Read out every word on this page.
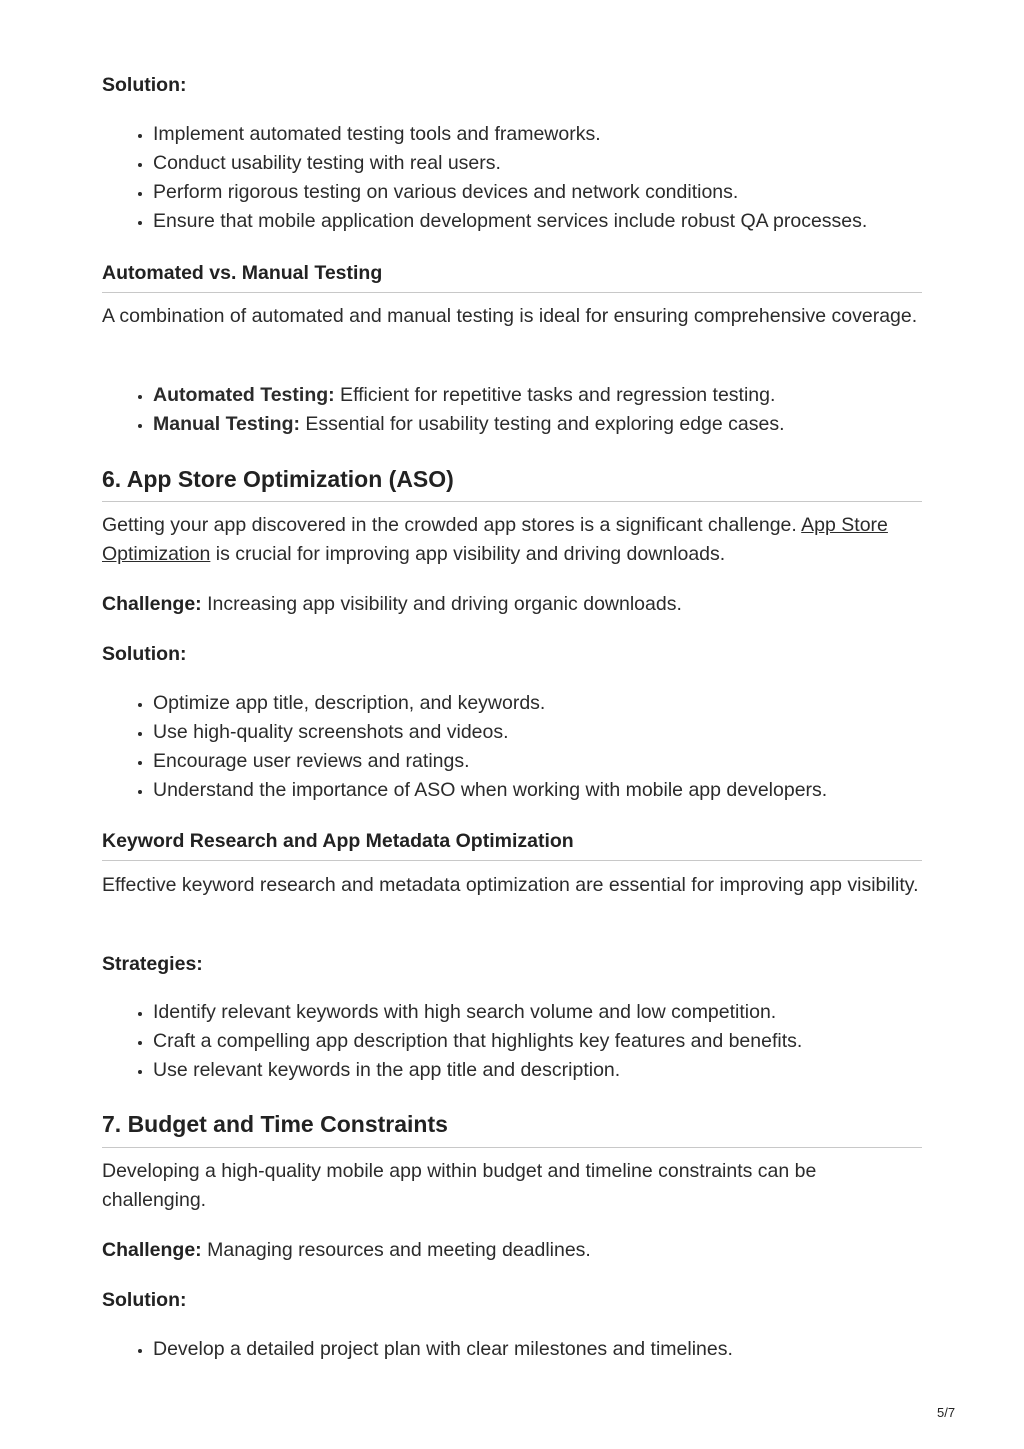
Solution:
• Implement automated testing tools and frameworks.
• Conduct usability testing with real users.
• Perform rigorous testing on various devices and network conditions.
• Ensure that mobile application development services include robust QA processes.
Automated vs. Manual Testing
A combination of automated and manual testing is ideal for ensuring comprehensive coverage.
• Automated Testing: Efficient for repetitive tasks and regression testing.
• Manual Testing: Essential for usability testing and exploring edge cases.
6. App Store Optimization (ASO)
Getting your app discovered in the crowded app stores is a significant challenge. App Store Optimization is crucial for improving app visibility and driving downloads.
Challenge: Increasing app visibility and driving organic downloads.
Solution:
• Optimize app title, description, and keywords.
• Use high-quality screenshots and videos.
• Encourage user reviews and ratings.
• Understand the importance of ASO when working with mobile app developers.
Keyword Research and App Metadata Optimization
Effective keyword research and metadata optimization are essential for improving app visibility.
Strategies:
• Identify relevant keywords with high search volume and low competition.
• Craft a compelling app description that highlights key features and benefits.
• Use relevant keywords in the app title and description.
7. Budget and Time Constraints
Developing a high-quality mobile app within budget and timeline constraints can be challenging.
Challenge: Managing resources and meeting deadlines.
Solution:
• Develop a detailed project plan with clear milestones and timelines.
5/7
